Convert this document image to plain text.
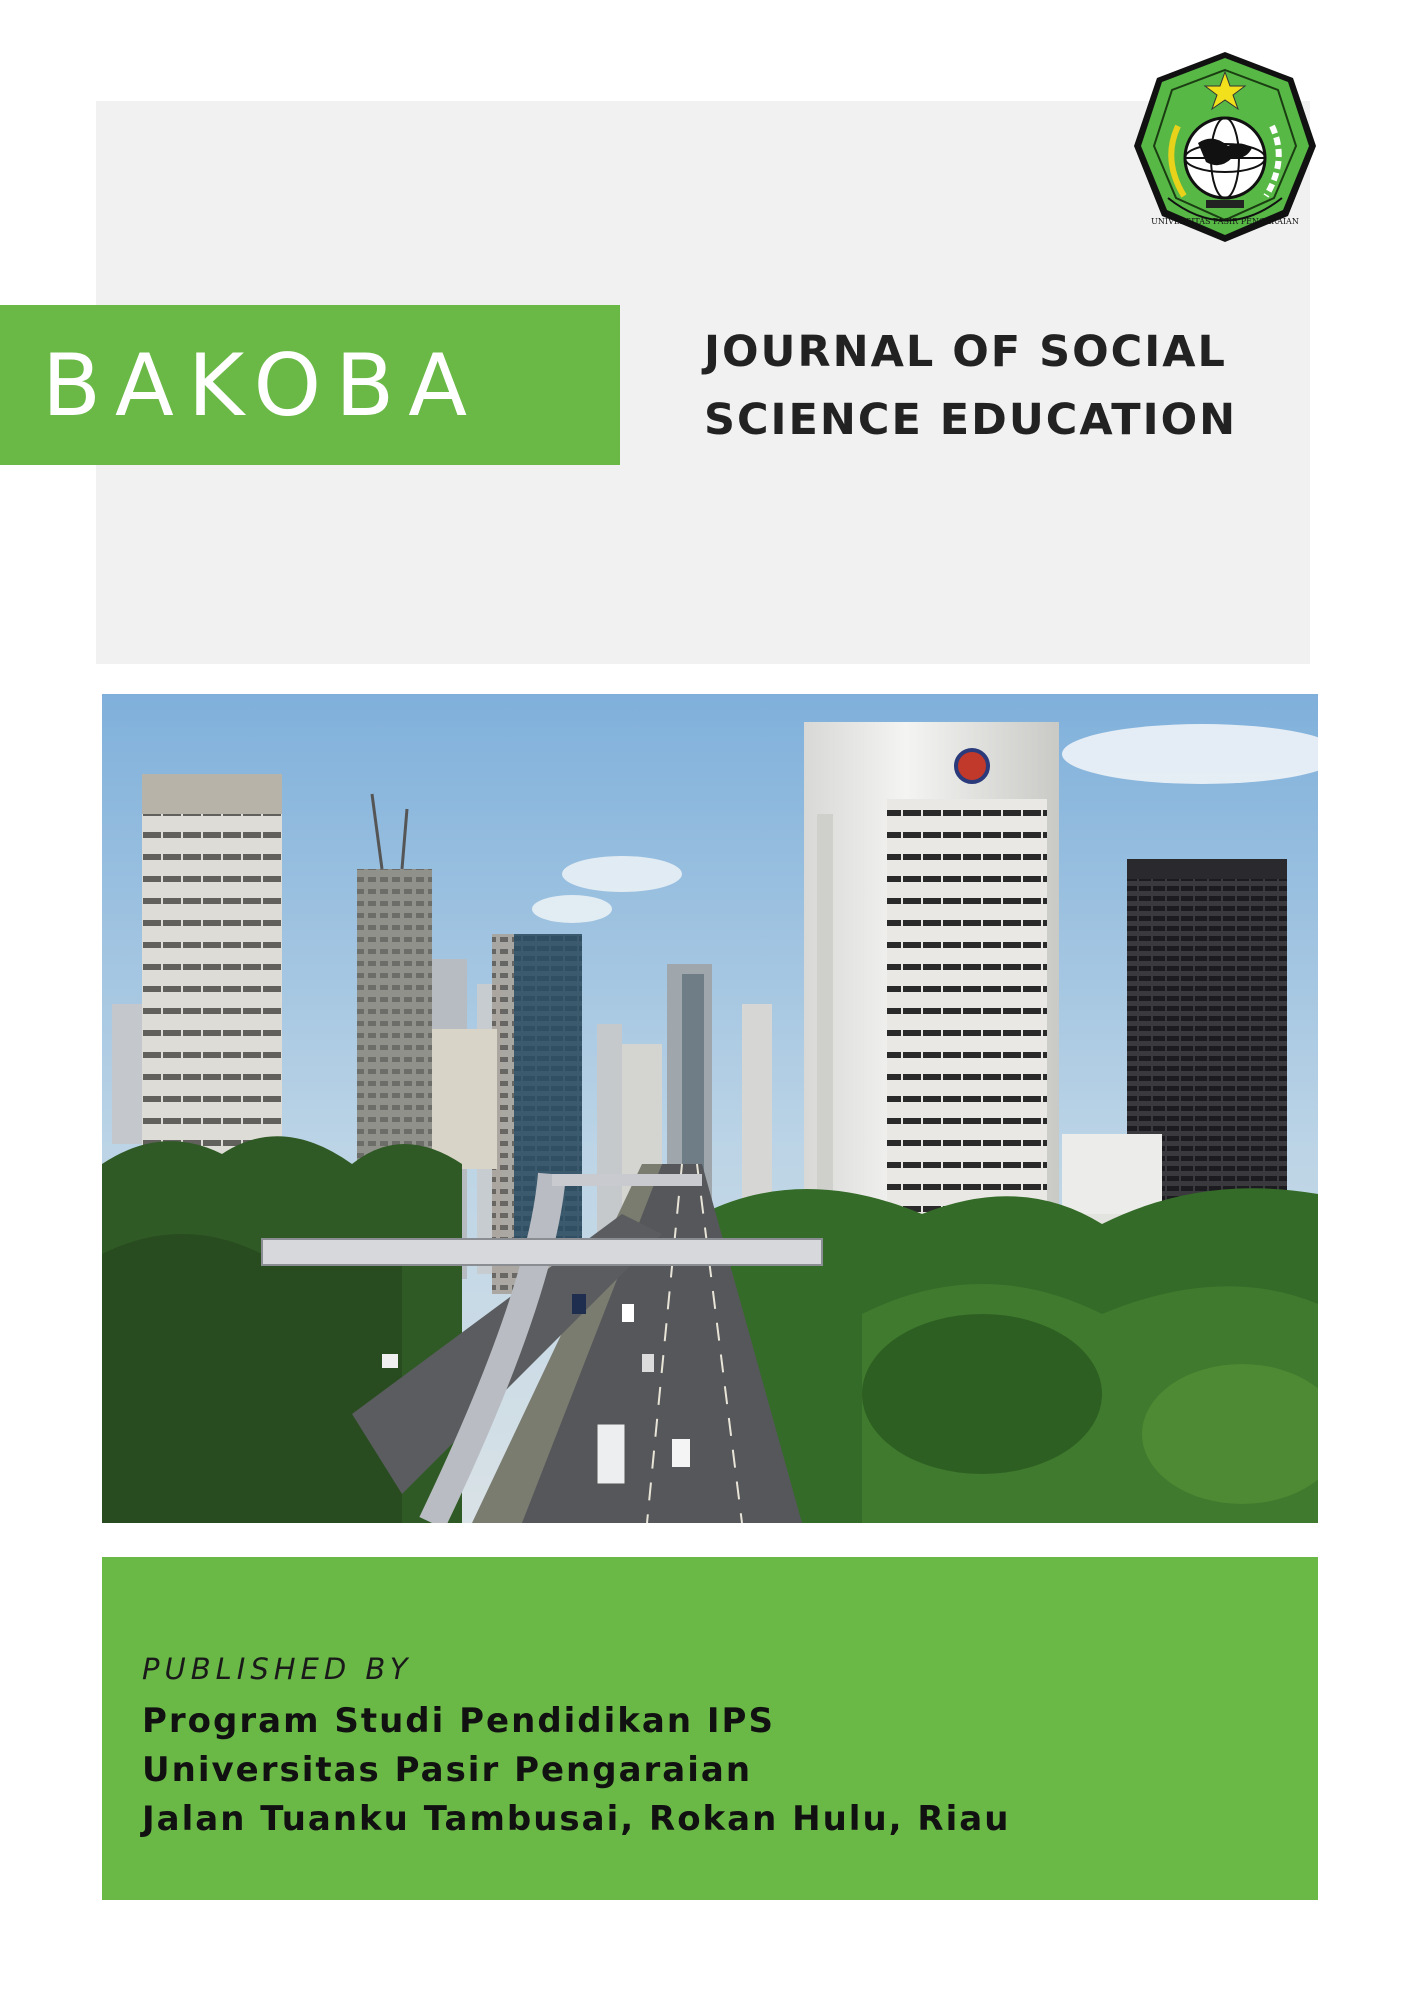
UNIVERSITAS PASIR PENGARAIAN
BAKOBA	JOURNAL OF SOCIAL
SCIENCE EDUCATION
PUBLISHED BY
Program Studi Pendidikan IPS
Universitas Pasir Pengaraian
Jalan Tuanku Tambusai, Rokan Hulu, Riau
